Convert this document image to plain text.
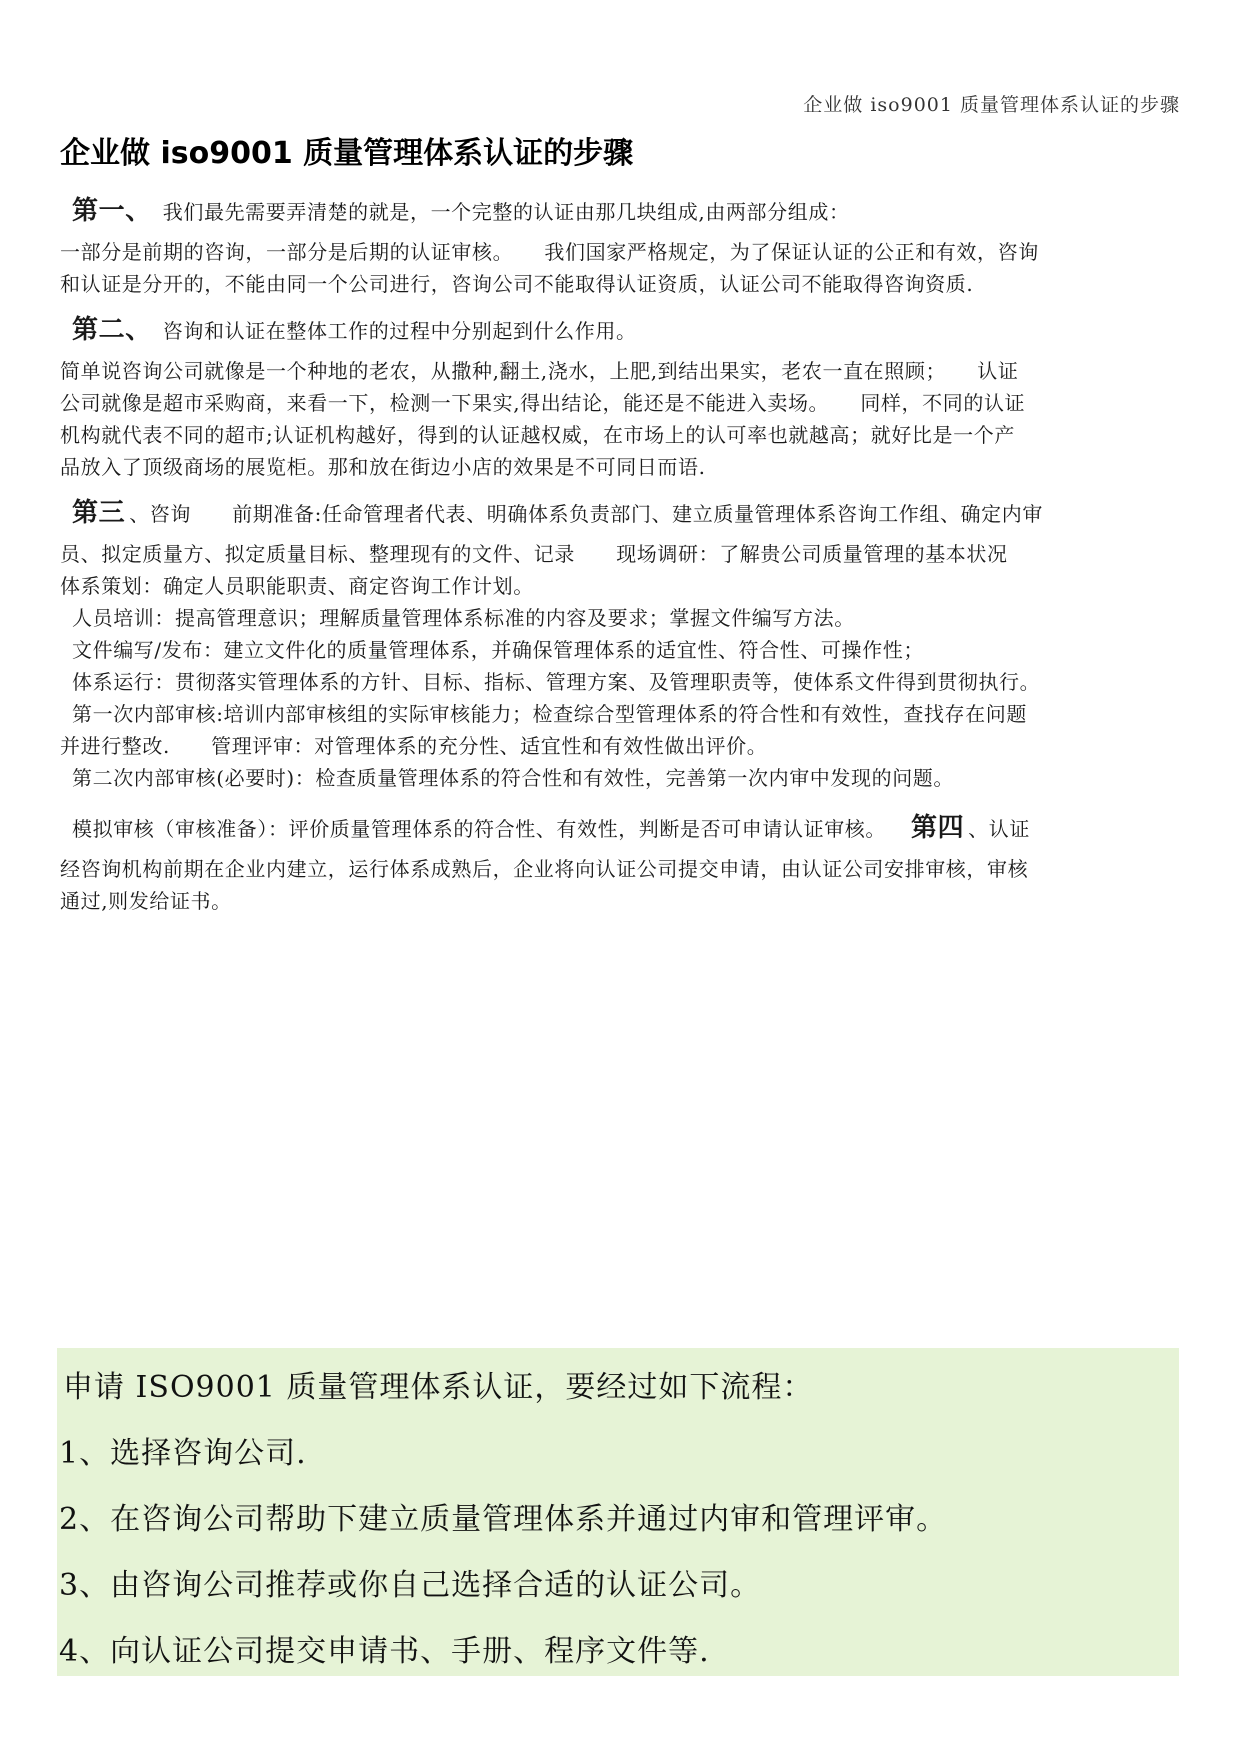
企业做 iso9001 质量管理体系认证的步骤
企业做 iso9001 质量管理体系认证的步骤
第一、 我们最先需要弄清楚的就是，一个完整的认证由那几块组成,由两部分组成：
一部分是前期的咨询，一部分是后期的认证审核。　　我们国家严格规定，为了保证认证的公正和有效，咨询
和认证是分开的，不能由同一个公司进行，咨询公司不能取得认证资质，认证公司不能取得咨询资质.
第二、 咨询和认证在整体工作的过程中分别起到什么作用。
简单说咨询公司就像是一个种地的老农，从撒种,翻土,浇水，上肥,到结出果实，老农一直在照顾；　　认证
公司就像是超市采购商，来看一下，检测一下果实,得出结论，能还是不能进入卖场。　　同样，不同的认证
机构就代表不同的超市;认证机构越好，得到的认证越权威，在市场上的认可率也就越高；就好比是一个产
品放入了顶级商场的展览柜。那和放在街边小店的效果是不可同日而语.
第三 、咨询　　前期准备:任命管理者代表、明确体系负责部门、建立质量管理体系咨询工作组、确定内审
员、拟定质量方、拟定质量目标、整理现有的文件、记录　　现场调研：了解贵公司质量管理的基本状况
体系策划：确定人员职能职责、商定咨询工作计划。
人员培训：提高管理意识；理解质量管理体系标准的内容及要求；掌握文件编写方法。
文件编写/发布：建立文件化的质量管理体系，并确保管理体系的适宜性、符合性、可操作性；
体系运行：贯彻落实管理体系的方针、目标、指标、管理方案、及管理职责等，使体系文件得到贯彻执行。
第一次内部审核:培训内部审核组的实际审核能力；检查综合型管理体系的符合性和有效性，查找存在问题
并进行整改.　　管理评审：对管理体系的充分性、适宜性和有效性做出评价。
第二次内部审核(必要时)：检查质量管理体系的符合性和有效性，完善第一次内审中发现的问题。
模拟审核（审核准备）：评价质量管理体系的符合性、有效性，判断是否可申请认证审核。 第四 、认证
经咨询机构前期在企业内建立，运行体系成熟后，企业将向认证公司提交申请，由认证公司安排审核，审核
通过,则发给证书。
申请 ISO9001 质量管理体系认证，要经过如下流程：
1、选择咨询公司.
2、在咨询公司帮助下建立质量管理体系并通过内审和管理评审。
3、由咨询公司推荐或你自己选择合适的认证公司。
4、向认证公司提交申请书、手册、程序文件等.
